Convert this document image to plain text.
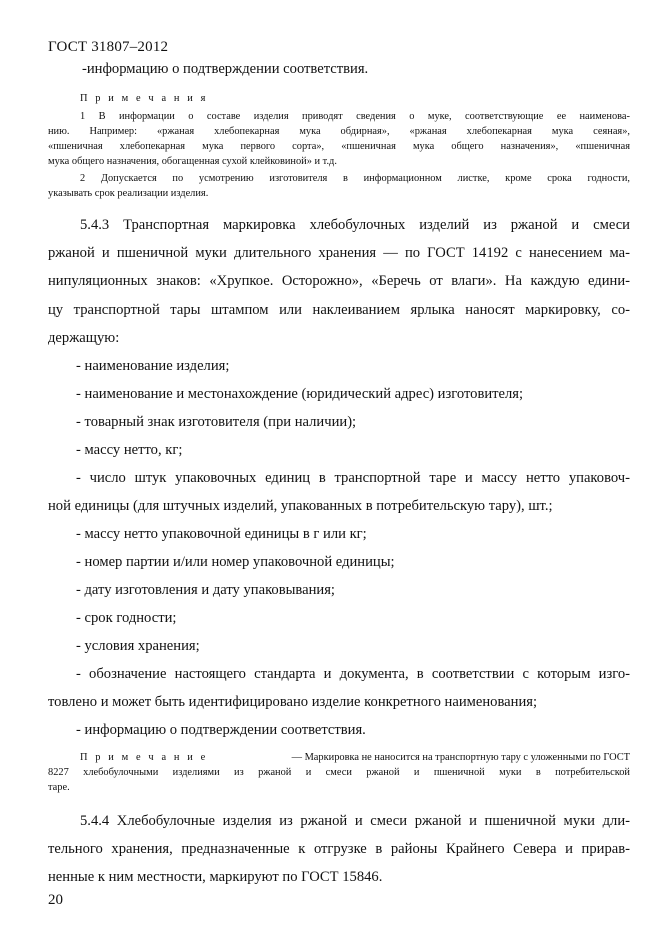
ГОСТ 31807–2012
-информацию о подтверждении соответствия.
П р и м е ч а н и я
1 В информации о составе изделия приводят сведения о муке, соответствующие ее наименова-
нию. Например: «ржаная хлебопекарная мука обдирная», «ржаная хлебопекарная мука сеяная»,
«пшеничная хлебопекарная мука первого сорта», «пшеничная мука общего назначения», «пшеничная
мука общего назначения, обогащенная сухой клейковиной» и т.д.
2 Допускается по усмотрению изготовителя в информационном листке, кроме срока годности,
указывать срок реализации изделия.
5.4.3 Транспортная маркировка хлебобулочных изделий из ржаной и смеси
ржаной и пшеничной муки длительного хранения — по ГОСТ 14192 с нанесением ма-
нипуляционных знаков: «Хрупкое. Осторожно», «Беречь от влаги». На каждую едини-
цу транспортной тары штампом или наклеиванием ярлыка наносят маркировку, со-
держащую:
- наименование изделия;
- наименование и местонахождение (юридический адрес) изготовителя;
- товарный знак изготовителя (при наличии);
- массу нетто, кг;
- число штук упаковочных единиц в транспортной таре и массу нетто упаковоч-
ной единицы (для штучных изделий, упакованных в потребительскую тару), шт.;
- массу нетто упаковочной единицы в г или кг;
- номер партии и/или номер упаковочной единицы;
- дату изготовления и дату упаковывания;
- срок годности;
- условия хранения;
- обозначение настоящего стандарта и документа, в соответствии с которым изго-
товлено и может быть идентифицировано изделие конкретного наименования;
- информацию о подтверждении соответствия.
П р и м е ч а н и е	— Маркировка не наносится на транспортную тару с уложенными по ГОСТ
8227 хлебобулочными изделиями из ржаной и смеси ржаной и пшеничной муки в потребительской
таре.
5.4.4 Хлебобулочные изделия из ржаной и смеси ржаной и пшеничной муки дли-
тельного хранения, предназначенные к отгрузке в районы Крайнего Севера и прирав-
ненные к ним местности, маркируют по ГОСТ 15846.
20
